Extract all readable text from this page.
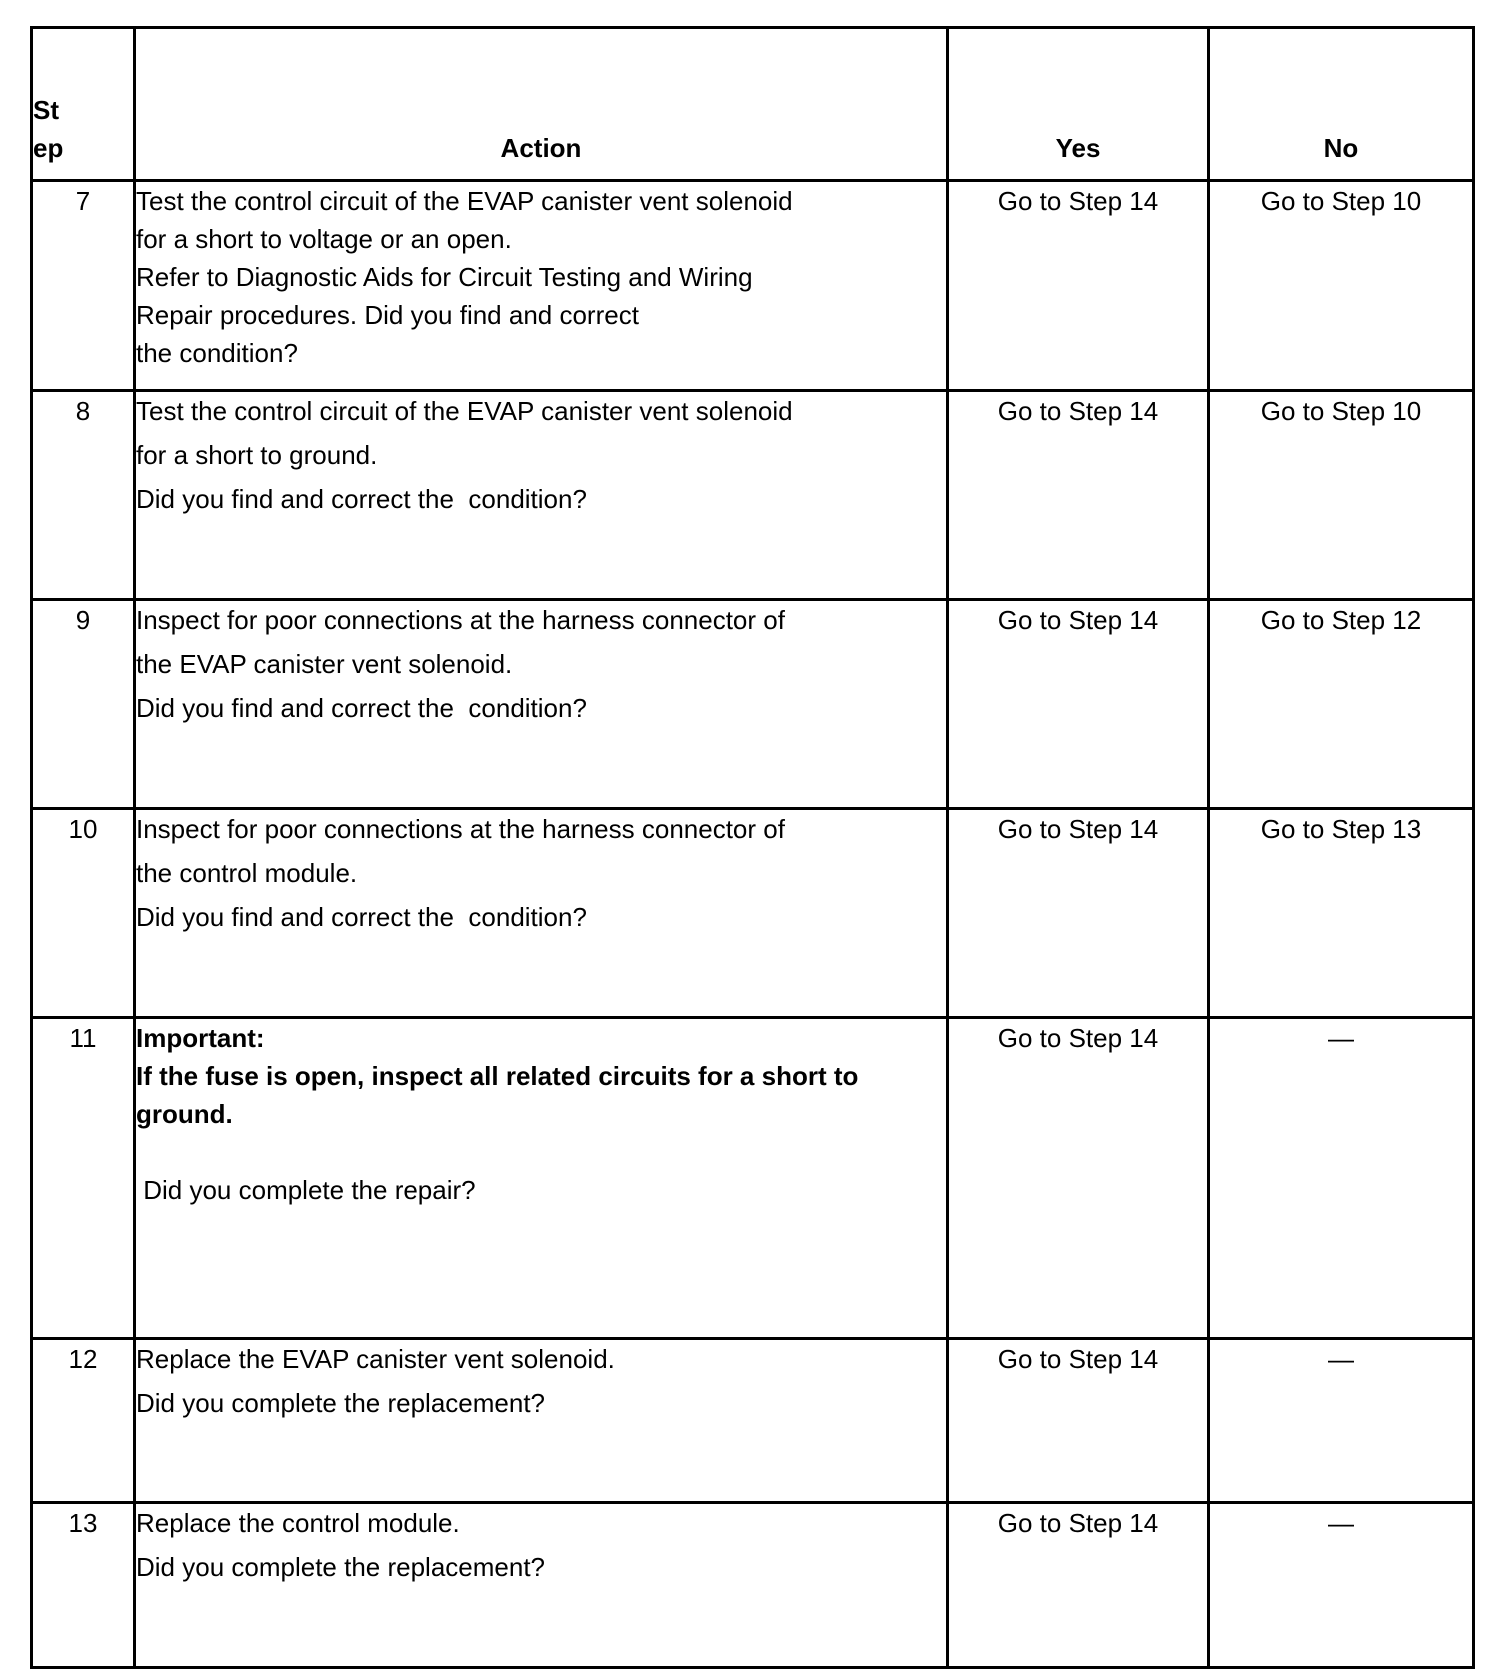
St
ep	Action	Yes	No
7	Test the control circuit of the EVAP canister vent solenoid
for a short to voltage or an open.
Refer to Diagnostic Aids for Circuit Testing and Wiring
Repair procedures. Did you find and correct
the condition?	Go to Step 14	Go to Step 10
8	Test the control circuit of the EVAP canister vent solenoid
for a short to ground.
Did you find and correct the  condition?	Go to Step 14	Go to Step 10
9	Inspect for poor connections at the harness connector of
the EVAP canister vent solenoid.
Did you find and correct the  condition?	Go to Step 14	Go to Step 12
10	Inspect for poor connections at the harness connector of
the control module.
Did you find and correct the  condition?	Go to Step 14	Go to Step 13
11	Important:
If the fuse is open, inspect all related circuits for a short to ground.
Did you complete the repair?	Go to Step 14	—
12	Replace the EVAP canister vent solenoid.
Did you complete the replacement?	Go to Step 14	—
13	Replace the control module.
Did you complete the replacement?	Go to Step 14	—
